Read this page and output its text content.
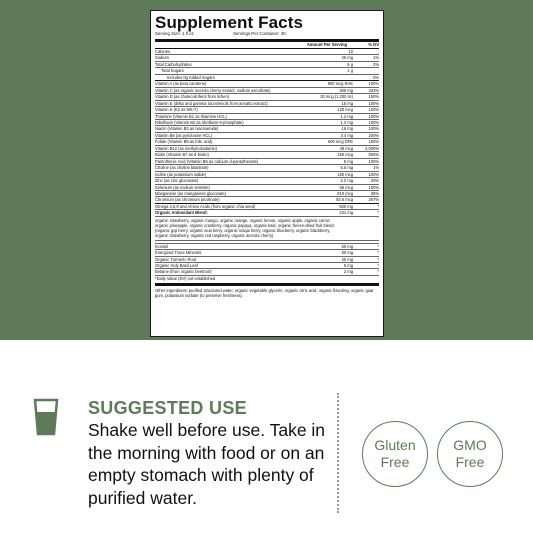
Supplement Facts
Serving Size: 1 fl oz	Servings Per Container: 30
Amount Per Serving	% DV
Calories	10
Sodium	25 mg	1%
Total Carbohydrates	6 g	2%
Total Sugars	1 g
Includes 0g Added Sugars	0%
Vitamin A (as beta carotene)	900 mcg RAE	100%
Vitamin C (as organic acerola cherry extract, sodium ascorbate)	300 mg	333%
Vitamin D (as cholecalciferol from lichen)	30 mcg (1,200 IU)	150%
Vitamin E (delta and gamma tocotrienols from annatto extract)	15 mg	100%
Vitamin K (K2 as MK-7)	120 mcg	100%
Thiamine (Vitamin B1 as thiamine HCL)	1.2 mg	100%
Riboflavin (Vitamin B2 as riboflavin-5-phosphate)	1.3 mg	100%
Niacin (Vitamin B3 as niacinamide)	16 mg	100%
Vitamin B6 (as pyridoxine HCL)	3.4 mg	200%
Folate (Vitamin B9 as folic acid)	600 mcg DFE	150%
Vitamin B12 (as methylcobalamin)	48 mcg	2,000%
Biotin (Vitamin B7 as d-biotin)	150 mcg	500%
Pantothenic Acid (Vitamin B5 as calcium d-pantothenate)	5 mg	100%
Choline (as choline bitartrate)	5.5 mg	1%
Iodine (as potassium iodide)	150 mcg	100%
Zinc (as zinc gluconate)	2.2 mg	20%
Selenium (as sodium selenite)	55 mcg	100%
Manganese (as manganese gluconate)	810 mcg	35%
Chromium (as chromium picolinate)	93.6 mcg	267%
Omega 3,6,9 and Amino Acids (from organic chia seed)	500 mg	*
Organic Antioxidant Blend:	231 mg	*
organic strawberry, organic mango, organic orange, organic lemon, organic apple, organic carrot, organic pineapple, organic cranberry, organic papaya, organic kale, organic freeze-dried fruit blend: (organic goji berry, organic acai berry, organic maqui berry, organic blueberry, organic blackberry, organic strawberry, organic red raspberry, organic acerola cherry)
Inositol	50 mg	*
Energized Trace Minerals	50 mg	*
Organic Turmeric Root	20 mg	*
Organic Holy Basil Leaf	5 mg	*
Betaine (from organic beetroot)	2 mg	*
*Daily Value (DV) not established
Other Ingredients: purified structured water, organic vegetable glycerin, organic citric acid, organic flavoring, organic guar gum, potassium sorbate (to preserve freshness)
SUGGESTED USE
Shake well before use. Take in the morning with food or on an empty stomach with plenty of purified water.
Gluten
Free
GMO
Free
